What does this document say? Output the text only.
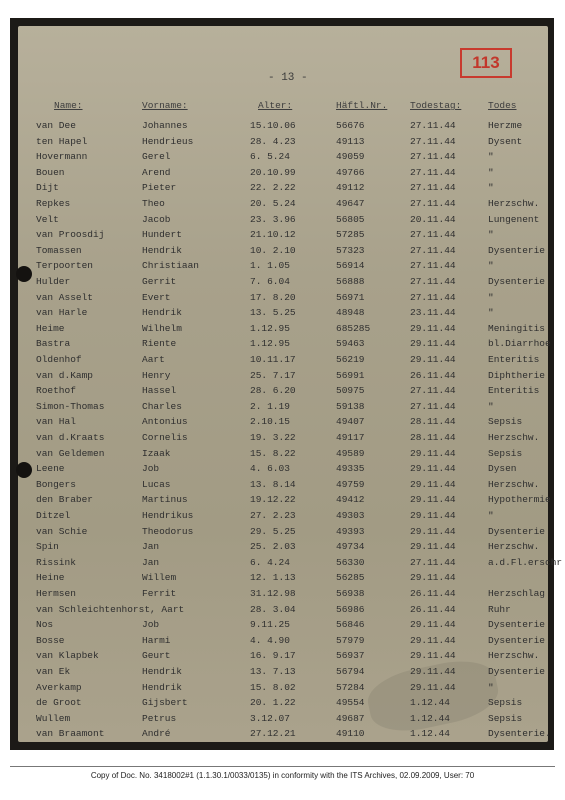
113
- 13 -
Name:	Vorname:	Alter:	Häftl.Nr. Todestag:	Todes
van Dee	Johannes	15.10.06	56676	27.11.44	Herzme
ten Hapel	Hendrieus	28. 4.23	49113	27.11.44	Dysent
Hovermann	Gerel	6. 5.24	49059	27.11.44	"
Bouen	Arend	20.10.99	49766	27.11.44	"
Dijt	Pieter	22. 2.22	49112	27.11.44	"
Repkes	Theo	20. 5.24	49647	27.11.44	Herzschw.
Velt	Jacob	23. 3.96	56805	20.11.44	Lungenent
van Proosdij	Hundert	21.10.12	57285	27.11.44	"
Tomassen	Hendrik	10. 2.10	57323	27.11.44	Dysenterie
Terpoorten	Christiaan	1. 1.05	56914	27.11.44	"
Hulder	Gerrit	7. 6.04	56888	27.11.44	Dysenterie
van Asselt	Evert	17. 8.20	56971	27.11.44	"
van Harle	Hendrik	13. 5.25	48948	23.11.44	"
Heime	Wilhelm	1.12.95	685285	29.11.44	Meningitis
Bastra	Riente	1.12.95	59463	29.11.44	bl.Diarrhoe
Oldenhof	Aart	10.11.17	56219	29.11.44	Enteritis
van d.Kamp	Henry	25. 7.17	56991	26.11.44	Diphtherie
Roethof	Hassel	28. 6.20	50975	27.11.44	Enteritis
Simon-Thomas	Charles	2. 1.19	59138	27.11.44	"
van Hal	Antonius	2.10.15	49407	28.11.44	Sepsis
van d.Kraats	Cornelis	19. 3.22	49117	28.11.44	Herzschw.
van Geldemen	Izaak	15. 8.22	49589	29.11.44	Sepsis
Leene	Job	4. 6.03	49335	29.11.44	Dysen
Bongers	Lucas	13. 8.14	49759	29.11.44	Herzschw.
den Braber	Martinus	19.12.22	49412	29.11.44	Hypothermie
Ditzel	Hendrikus	27. 2.23	49303	29.11.44	"
van Schie	Theodorus	29. 5.25	49393	29.11.44	Dysenterie
Spin	Jan	25. 2.03	49734	29.11.44	Herzschw.
Rissink	Jan	6. 4.24	56330	27.11.44	a.d.Fl.erschr
Heine	Willem	12. 1.13	56285	29.11.44
Hermsen	Ferrit	31.12.98	56938	26.11.44	Herzschlag
van Schleichtenhorst, Aart	28. 3.04	56986	26.11.44	Ruhr
Nos	Job	9.11.25	56846	29.11.44	Dysenterie
Bosse	Harmi	4. 4.90	57979	29.11.44	Dysenterie
van Klapbek	Geurt	16. 9.17	56937	29.11.44	Herzschw.
van Ek	Hendrik	13. 7.13	56794	29.11.44	Dysenterie
Averkamp	Hendrik	15. 8.02	57284	29.11.44	"
de Groot	Gijsbert	20. 1.22	49554	1.12.44	Sepsis
Wullem	Petrus	3.12.07	49687	1.12.44	Sepsis
van Braamont	André	27.12.21	49110	1.12.44	Dysenterie.
Copy of Doc. No. 3418002#1 (1.1.30.1/0033/0135) in conformity with the ITS Archives, 02.09.2009, User: 70
